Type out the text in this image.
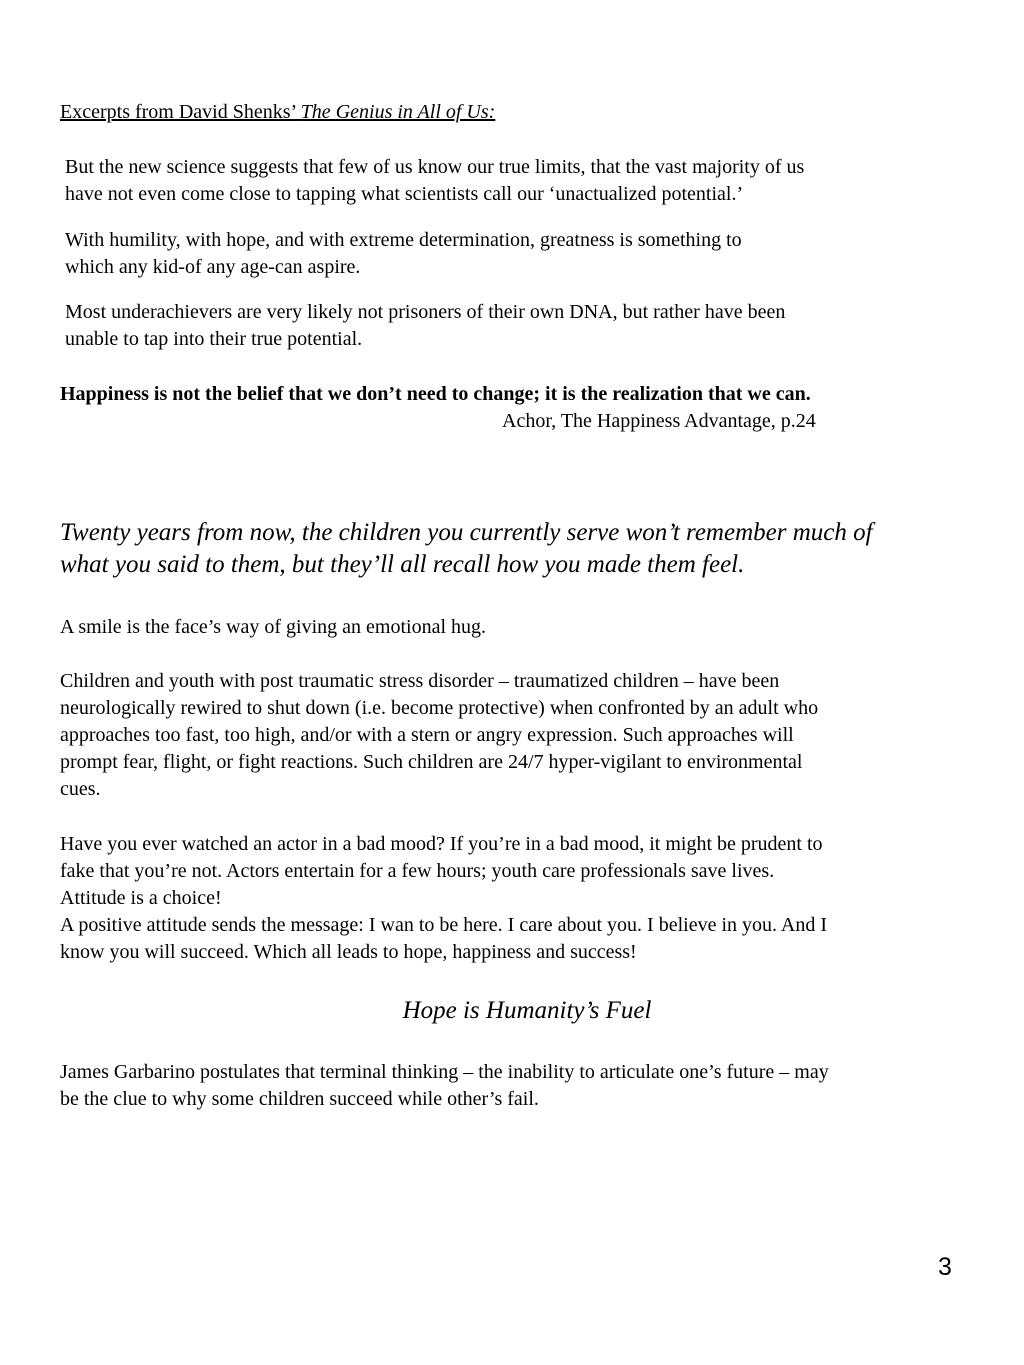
Excerpts from David Shenks’ The Genius in All of Us:

But the new science suggests that few of us know our true limits, that the vast majority of us
have not even come close to tapping what scientists call our ‘unactualized potential.’

With humility, with hope, and with extreme determination, greatness is something to
which any kid-of any age-can aspire.

Most underachievers are very likely not prisoners of their own DNA, but rather have been
unable to tap into their true potential.

Happiness is not the belief that we don’t need to change; it is the realization that we can.

Achor, The Happiness Advantage, p.24

Twenty years from now, the children you currently serve won’t remember much of
what you said to them, but they’ll all recall how you made them feel.

A smile is the face’s way of giving an emotional hug.

Children and youth with post traumatic stress disorder – traumatized children – have been
neurologically rewired to shut down (i.e. become protective) when confronted by an adult who
approaches too fast, too high, and/or with a stern or angry expression. Such approaches will
prompt fear, flight, or fight reactions. Such children are 24/7 hyper-vigilant to environmental
cues.

Have you ever watched an actor in a bad mood? If you’re in a bad mood, it might be prudent to
fake that you’re not. Actors entertain for a few hours; youth care professionals save lives.
Attitude is a choice!
A positive attitude sends the message: I wan to be here. I care about you. I believe in you. And I
know you will succeed. Which all leads to hope, happiness and success!

Hope is Humanity’s Fuel

James Garbarino postulates that terminal thinking – the inability to articulate one’s future – may
be the clue to why some children succeed while other’s fail.

3
